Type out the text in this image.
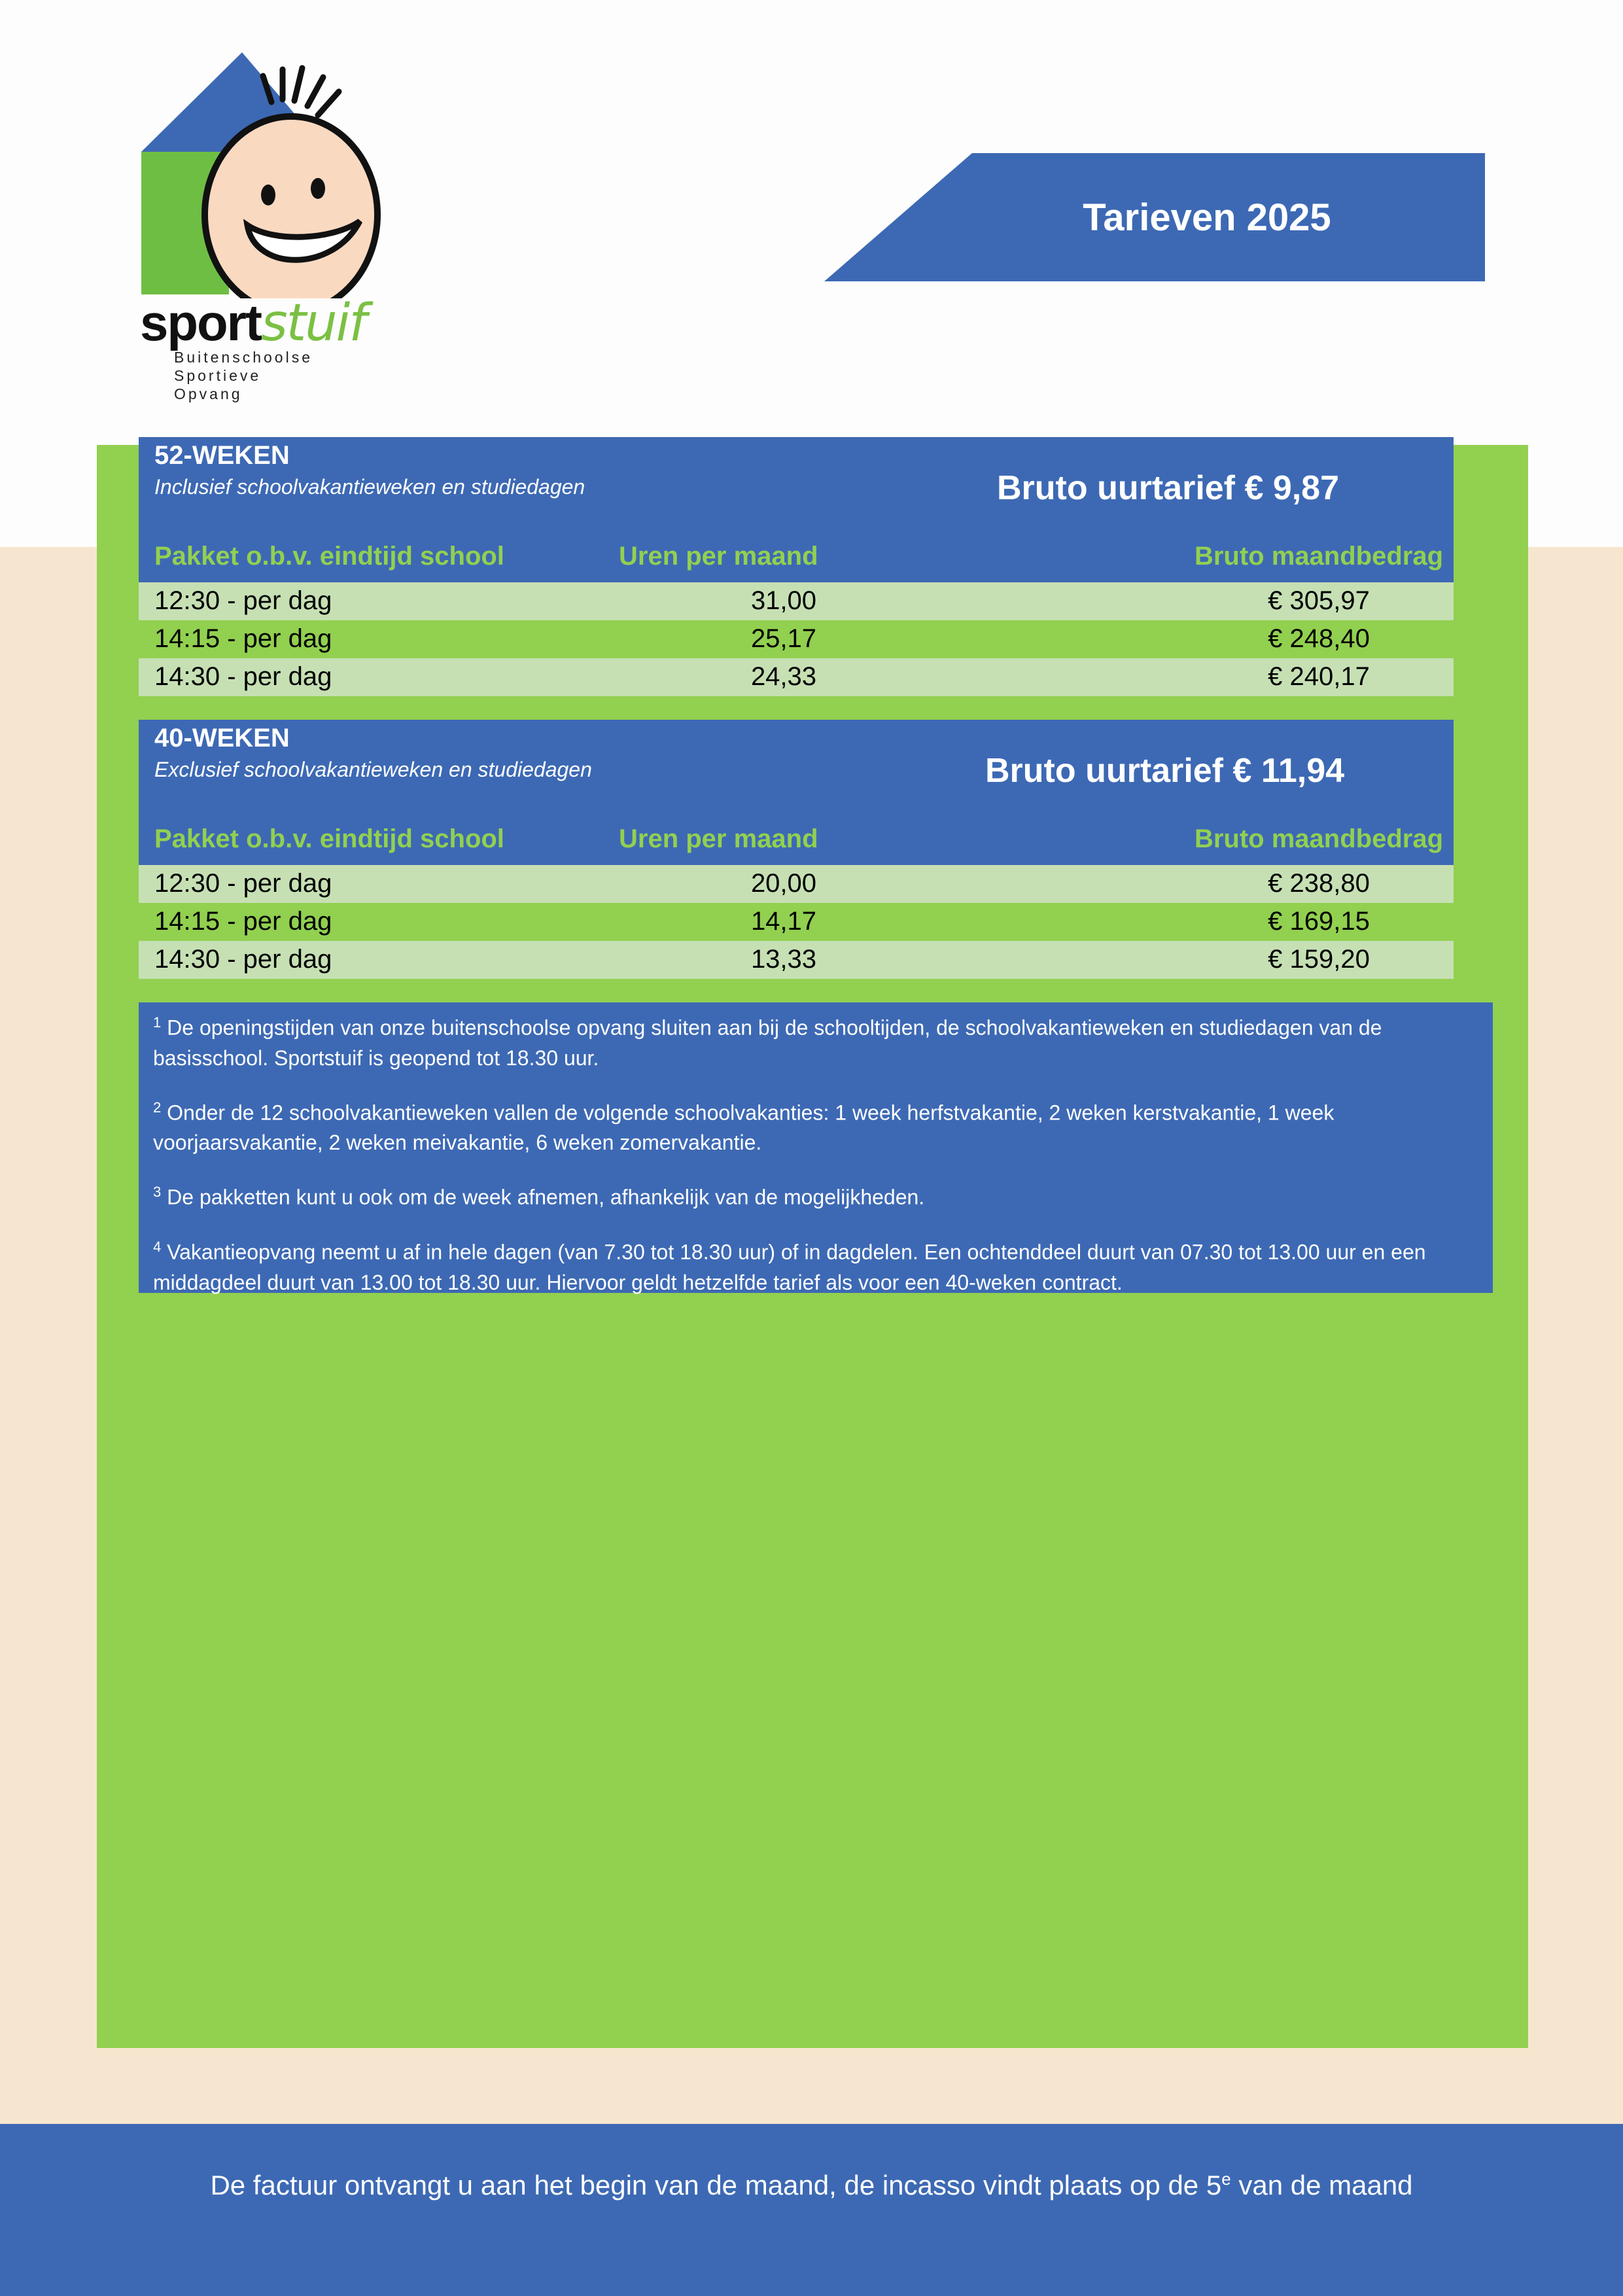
sportstuif
Buitenschoolse
Sportieve
Opvang
Tarieven 2025
52-WEKEN
Inclusief schoolvakantieweken en studiedagen	Bruto uurtarief € 9,87
Pakket o.b.v. eindtijd school	Uren per maand	Bruto maandbedrag
12:30 - per dag	31,00	€ 305,97
14:15 - per dag	25,17	€ 248,40
14:30 - per dag	24,33	€ 240,17
40-WEKEN
Exclusief schoolvakantieweken en studiedagen	Bruto uurtarief € 11,94
Pakket o.b.v. eindtijd school	Uren per maand	Bruto maandbedrag
12:30 - per dag	20,00	€ 238,80
14:15 - per dag	14,17	€ 169,15
14:30 - per dag	13,33	€ 159,20

$^1$ De openingstijden van onze buitenschoolse opvang sluiten aan bij de schooltijden, de schoolvakantieweken en studiedagen van de basisschool. Sportstuif is geopend tot 18.30 uur.

$^2$ Onder de 12 schoolvakantieweken vallen de volgende schoolvakanties: 1 week herfstvakantie, 2 weken kerstvakantie, 1 week voorjaarsvakantie, 2 weken meivakantie, 6 weken zomervakantie.

$^3$ De pakketten kunt u ook om de week afnemen, afhankelijk van de mogelijkheden.

$^4$ Vakantieopvang neemt u af in hele dagen (van 7.30 tot 18.30 uur) of in dagdelen. Een ochtenddeel duurt van 07.30 tot 13.00 uur en een middagdeel duurt van 13.00 tot 18.30 uur. Hiervoor geldt hetzelfde tarief als voor een 40-weken contract.

De factuur ontvangt u aan het begin van de maand, de incasso vindt plaats op de 5e van de maand
